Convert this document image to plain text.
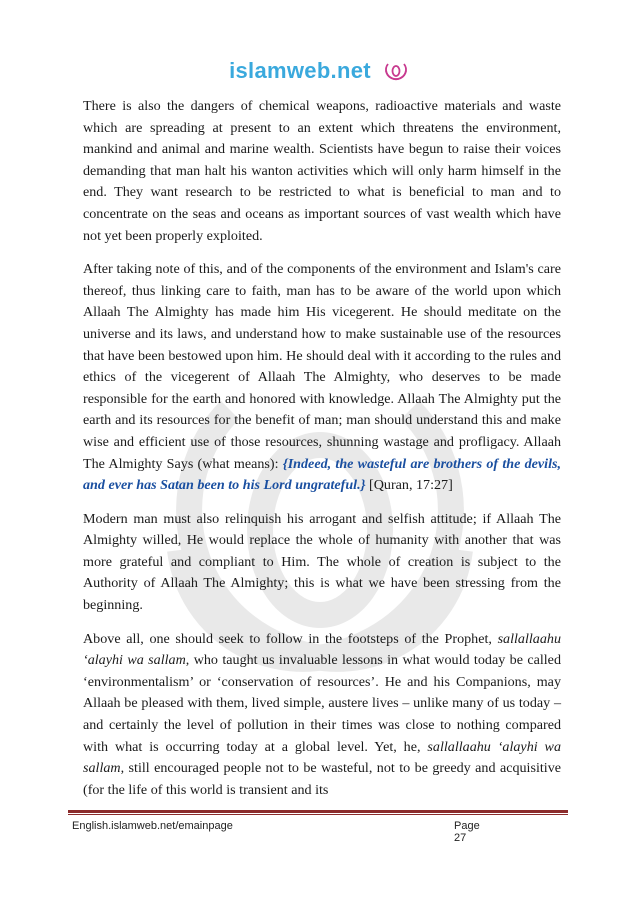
islamweb.net

There is also the dangers of chemical weapons, radioactive materials and waste which are spreading at present to an extent which threatens the environment, mankind and animal and marine wealth. Scientists have begun to raise their voices demanding that man halt his wanton activities which will only harm himself in the end. They want research to be restricted to what is beneficial to man and to concentrate on the seas and oceans as important sources of vast wealth which have not yet been properly exploited.

After taking note of this, and of the components of the environment and Islam's care thereof, thus linking care to faith, man has to be aware of the world upon which Allaah The Almighty has made him His vicegerent. He should meditate on the universe and its laws, and understand how to make sustainable use of the resources that have been bestowed upon him. He should deal with it according to the rules and ethics of the vicegerent of Allaah The Almighty, who deserves to be made responsible for the earth and honored with knowledge. Allaah The Almighty put the earth and its resources for the benefit of man; man should understand this and make wise and efficient use of those resources, shunning wastage and profligacy. Allaah The Almighty Says (what means): {Indeed, the wasteful are brothers of the devils, and ever has Satan been to his Lord ungrateful.} [Quran, 17:27]

Modern man must also relinquish his arrogant and selfish attitude; if Allaah The Almighty willed, He would replace the whole of humanity with another that was more grateful and compliant to Him. The whole of creation is subject to the Authority of Allaah The Almighty; this is what we have been stressing from the beginning.

Above all, one should seek to follow in the footsteps of the Prophet, sallallaahu ‘alayhi wa sallam, who taught us invaluable lessons in what would today be called ‘environmentalism’ or ‘conservation of resources’. He and his Companions, may Allaah be pleased with them, lived simple, austere lives – unlike many of us today – and certainly the level of pollution in their times was close to nothing compared with what is occurring today at a global level. Yet, he, sallallaahu ‘alayhi wa sallam, still encouraged people not to be wasteful, not to be greedy and acquisitive (for the life of this world is transient and its

English.islamweb.net/emainpage	Page 27
